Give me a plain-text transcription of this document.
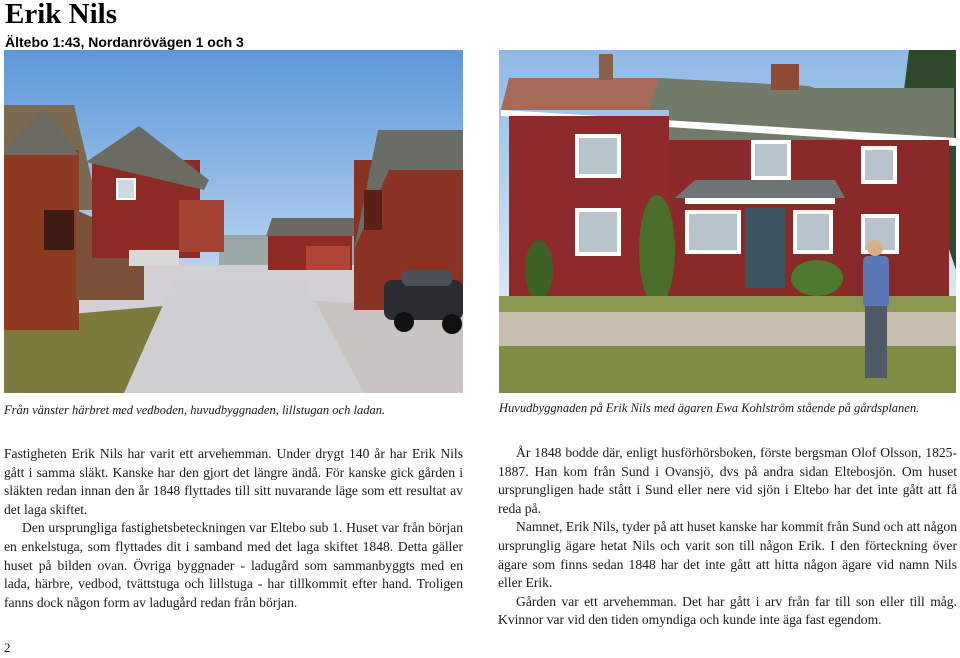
Erik Nils
Ältebo 1:43, Nordanrövägen 1 och 3
Från vänster härbret med vedboden, huvudbyggnaden, lillstugan och ladan.	Huvudbyggnaden på Erik Nils med ägaren Ewa Kohlström stående på gårdsplanen.

Fastigheten Erik Nils har varit ett arvehemman. Under drygt 140 år har Erik Nils gått i samma släkt. Kanske har den gjort det längre ändå. För kanske gick gården i släkten redan innan den år 1848 flyttades till sitt nuvarande läge som ett resultat av det laga skiftet.

Den ursprungliga fastighetsbeteckningen var Eltebo sub 1. Huset var från början en enkelstuga, som flyttades dit i samband med det laga skiftet 1848. Detta gäller huset på bilden ovan. Övriga byggnader - ladugård som sammanbyggts med en lada, härbre, vedbod, tvättstuga och lillstuga - har tillkommit efter hand. Troligen fanns dock någon form av ladugård redan från början.

År 1848 bodde där, enligt husförhörsboken, förste bergsman Olof Olsson, 1825-1887. Han kom från Sund i Ovansjö, dvs på andra sidan Eltebosjön. Om huset ursprungligen hade stått i Sund eller nere vid sjön i Eltebo har det inte gått att få reda på.

Namnet, Erik Nils, tyder på att huset kanske har kommit från Sund och att någon ursprunglig ägare hetat Nils och varit son till någon Erik. I den förteckning över ägare som finns sedan 1848 har det inte gått att hitta någon ägare vid namn Nils eller Erik.

Gården var ett arvehemman. Det har gått i arv från far till son eller till måg. Kvinnor var vid den tiden omyndiga och kunde inte äga fast egendom.

2
